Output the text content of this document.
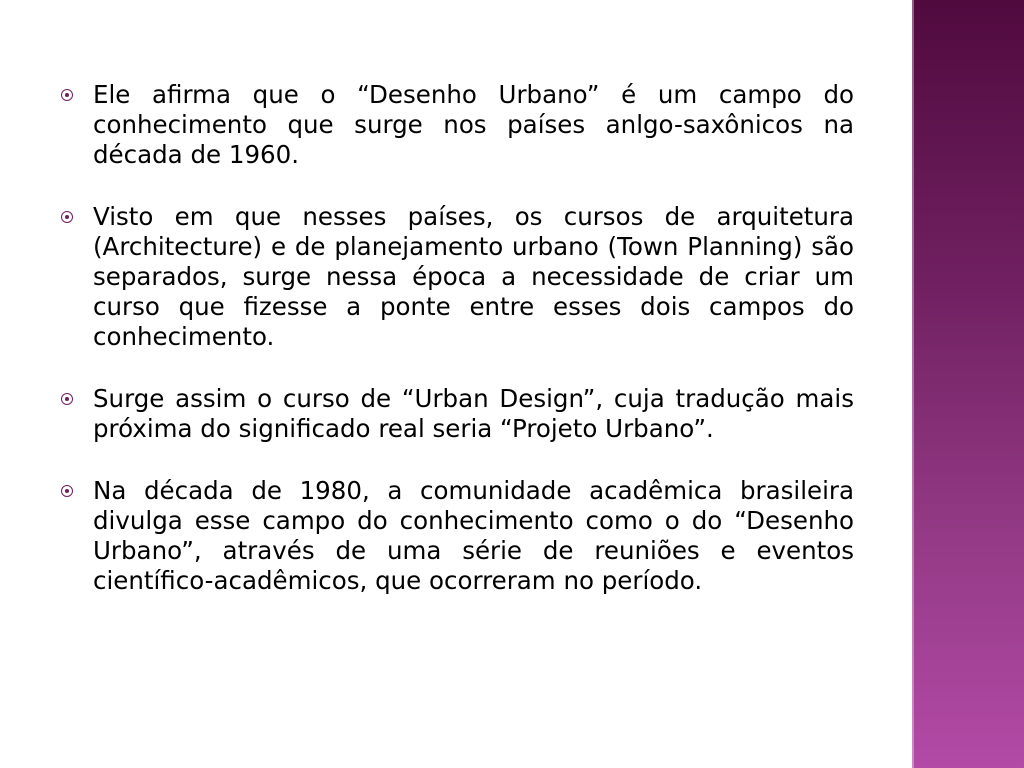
Ele afirma que o “Desenho Urbano” é um campo do conhecimento que surge nos países anlgo-saxônicos na década de 1960.
Visto em que nesses países, os cursos de arquitetura (Architecture) e de planejamento urbano (Town Planning) são separados, surge nessa época a necessidade de criar um curso que fizesse a ponte entre esses dois campos do conhecimento.
Surge assim o curso de “Urban Design”, cuja tradução mais próxima do significado real seria “Projeto Urbano”.
Na década de 1980, a comunidade acadêmica brasileira divulga esse campo do conhecimento como o do “Desenho Urbano”, através de uma série de reuniões e eventos científico-acadêmicos, que ocorreram no período.
